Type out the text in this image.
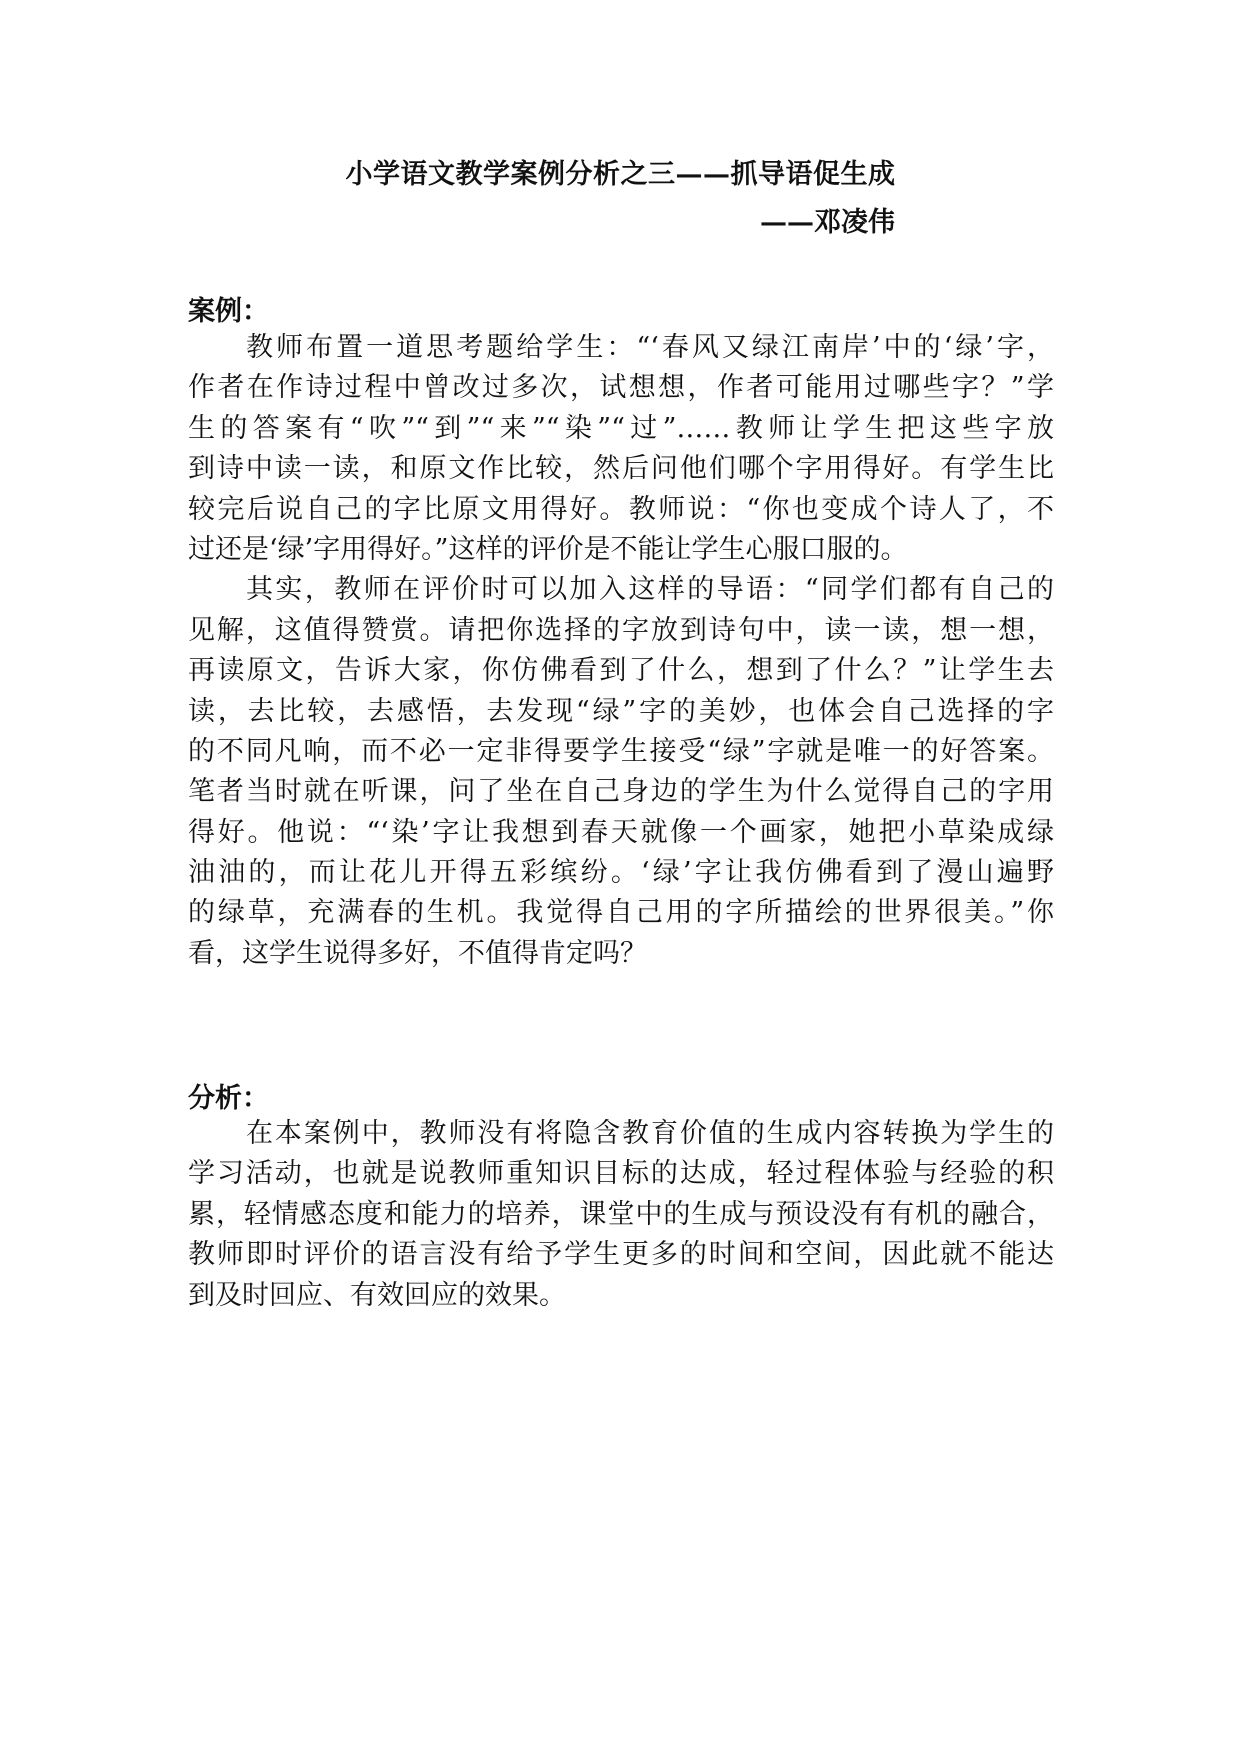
小学语文教学案例分析之三——抓导语促生成
——邓凌伟
案例：
教师布置一道思考题给学生：“‘春风又绿江南岸’中的‘绿’字，
作者在作诗过程中曾改过多次，试想想，作者可能用过哪些字？”学
生的答案有“吹”“到”“来”“染”“过”……教师让学生把这些字放
到诗中读一读，和原文作比较，然后问他们哪个字用得好。有学生比
较完后说自己的字比原文用得好。教师说：“你也变成个诗人了，不
过还是‘绿’字用得好。”这样的评价是不能让学生心服口服的。
其实，教师在评价时可以加入这样的导语：“同学们都有自己的
见解，这值得赞赏。请把你选择的字放到诗句中，读一读，想一想，
再读原文，告诉大家，你仿佛看到了什么，想到了什么？”让学生去
读，去比较，去感悟，去发现“绿”字的美妙，也体会自己选择的字
的不同凡响，而不必一定非得要学生接受“绿”字就是唯一的好答案。
笔者当时就在听课，问了坐在自己身边的学生为什么觉得自己的字用
得好。他说：“‘染’字让我想到春天就像一个画家，她把小草染成绿
油油的，而让花儿开得五彩缤纷。‘绿’字让我仿佛看到了漫山遍野
的绿草，充满春的生机。我觉得自己用的字所描绘的世界很美。”你
看，这学生说得多好，不值得肯定吗？
分析：
在本案例中，教师没有将隐含教育价值的生成内容转换为学生的
学习活动，也就是说教师重知识目标的达成，轻过程体验与经验的积
累，轻情感态度和能力的培养，课堂中的生成与预设没有有机的融合，
教师即时评价的语言没有给予学生更多的时间和空间，因此就不能达
到及时回应、有效回应的效果。
